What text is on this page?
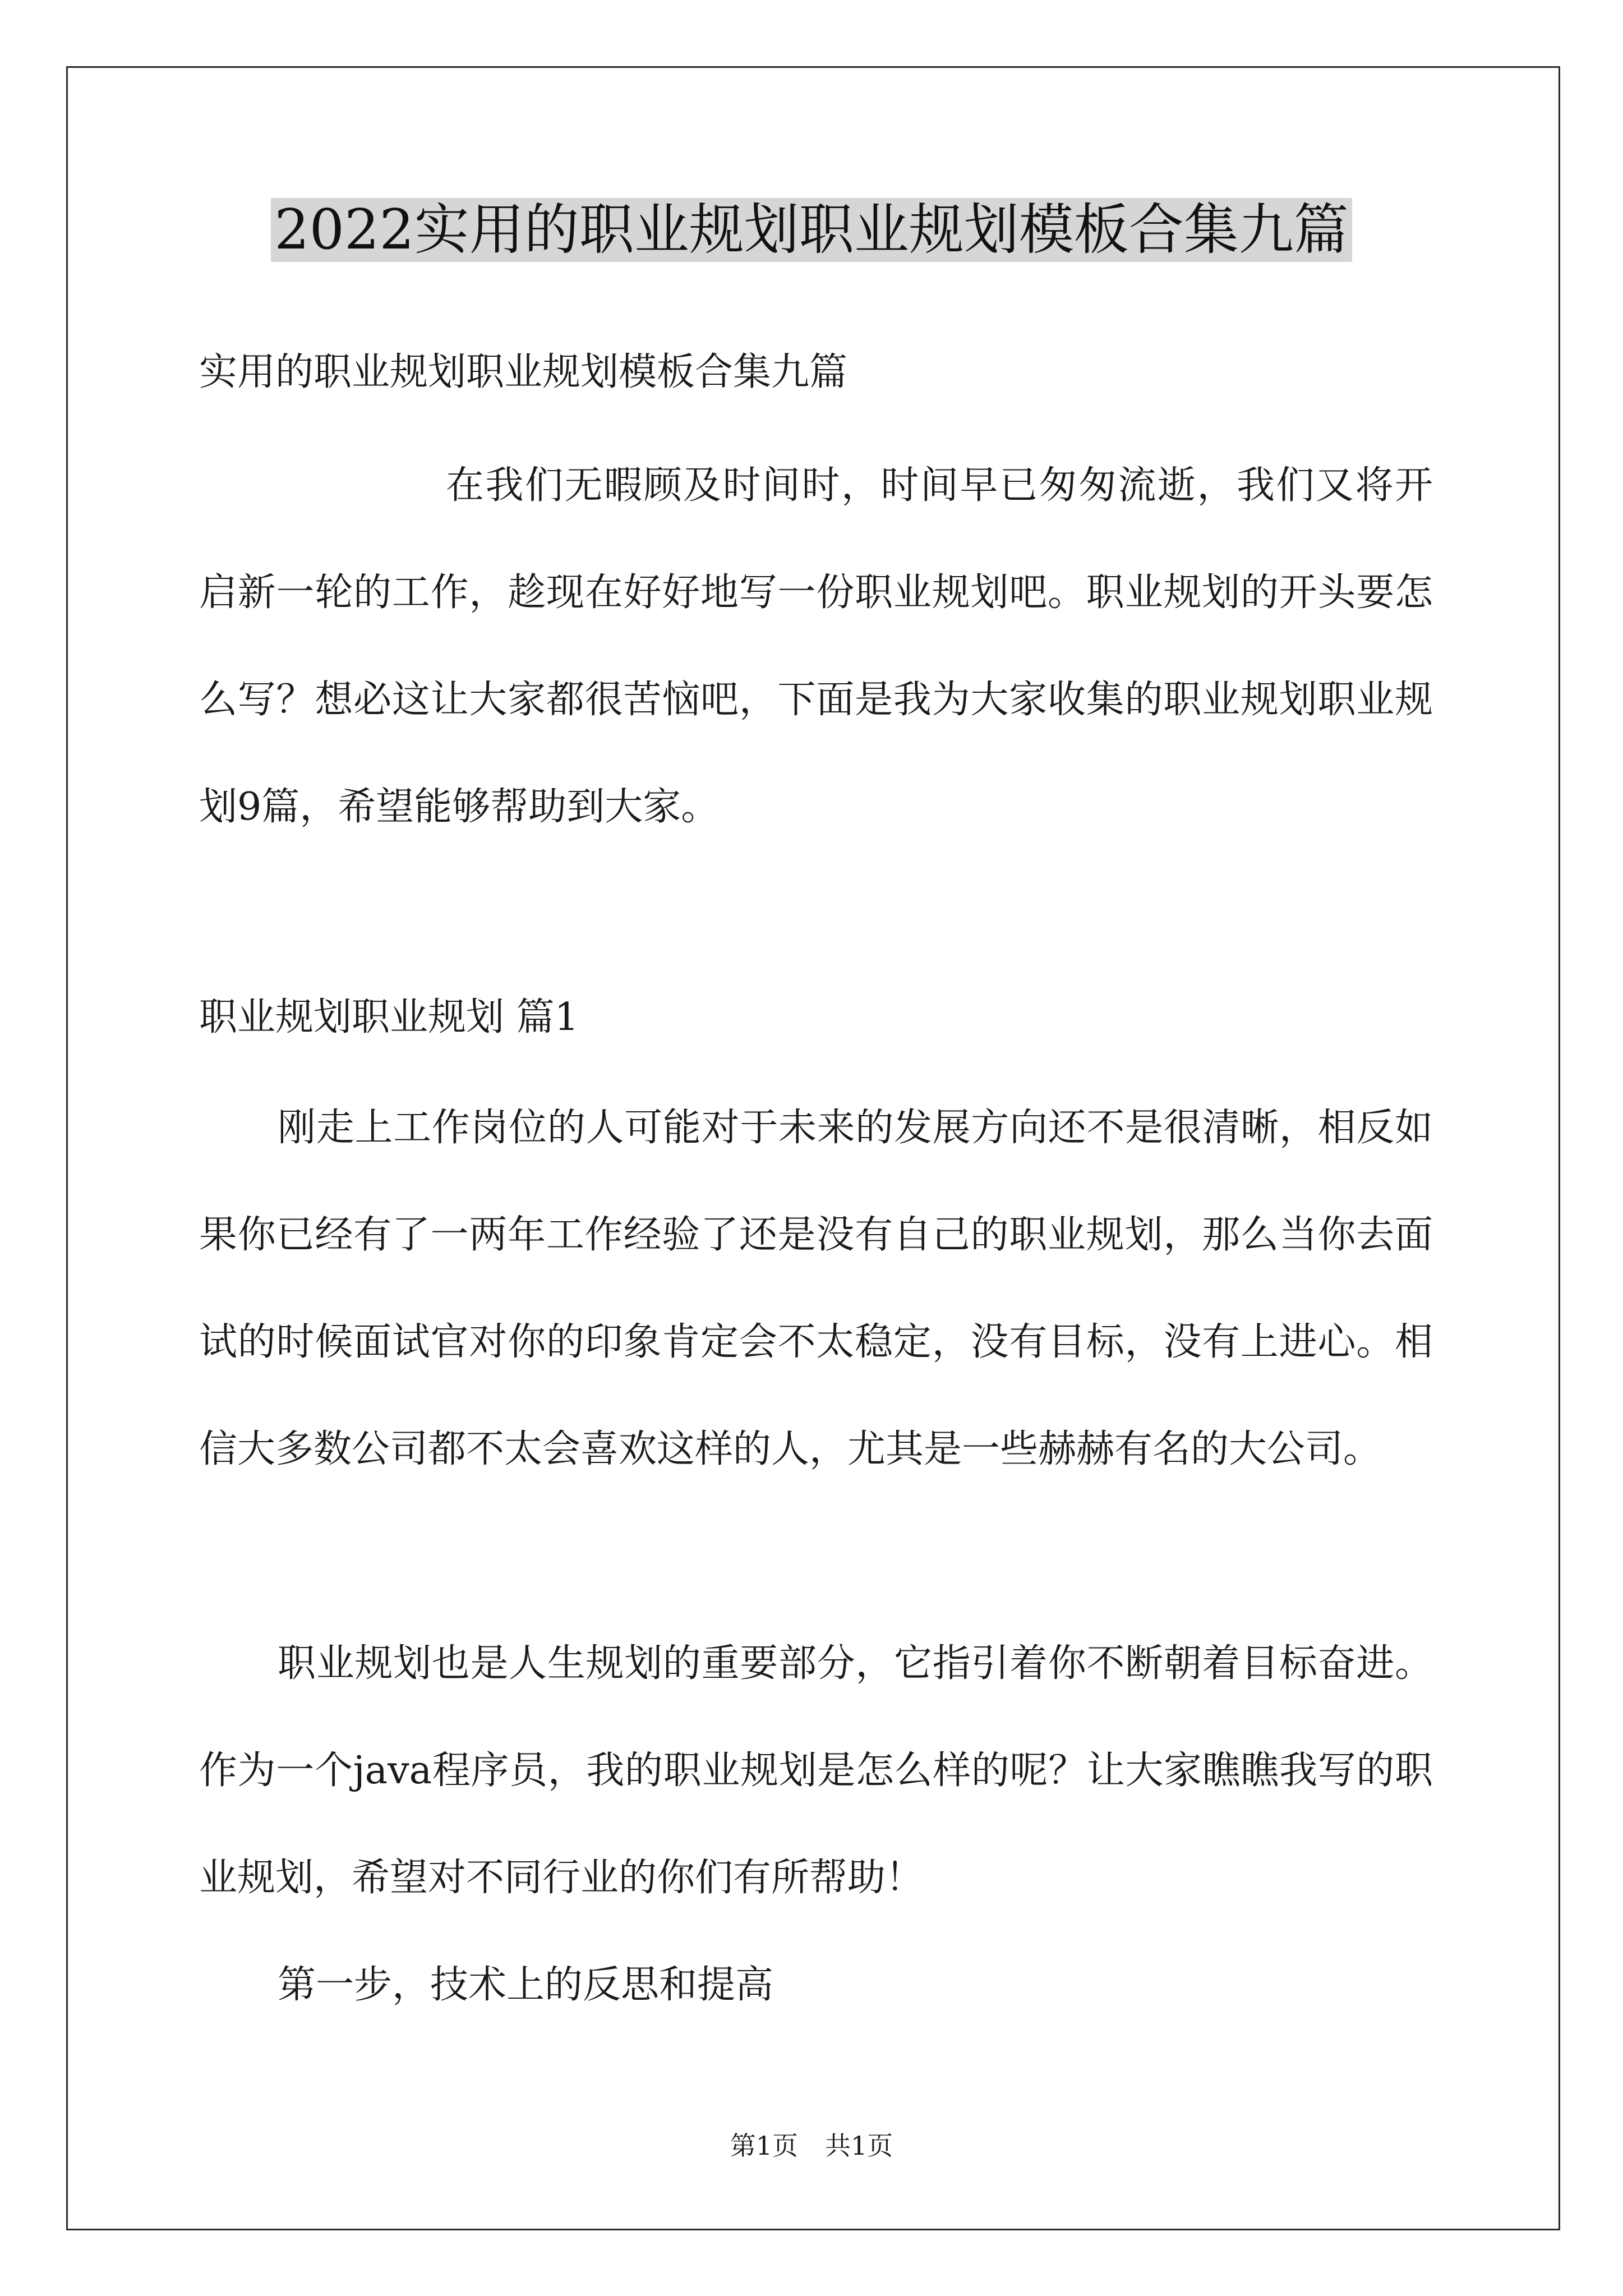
2022实用的职业规划职业规划模板合集九篇

实用的职业规划职业规划模板合集九篇

在我们无暇顾及时间时，时间早已匆匆流逝，我们又将开启新一轮的工作，趁现在好好地写一份职业规划吧。职业规划的开头要怎么写？想必这让大家都很苦恼吧，下面是我为大家收集的职业规划职业规划9篇，希望能够帮助到大家。

职业规划职业规划 篇1

刚走上工作岗位的人可能对于未来的发展方向还不是很清晰，相反如果你已经有了一两年工作经验了还是没有自己的职业规划，那么当你去面试的时候面试官对你的印象肯定会不太稳定，没有目标，没有上进心。相信大多数公司都不太会喜欢这样的人，尤其是一些赫赫有名的大公司。

职业规划也是人生规划的重要部分，它指引着你不断朝着目标奋进。作为一个java程序员，我的职业规划是怎么样的呢？让大家瞧瞧我写的职业规划，希望对不同行业的你们有所帮助！

第一步，技术上的反思和提高

第1页 共1页
